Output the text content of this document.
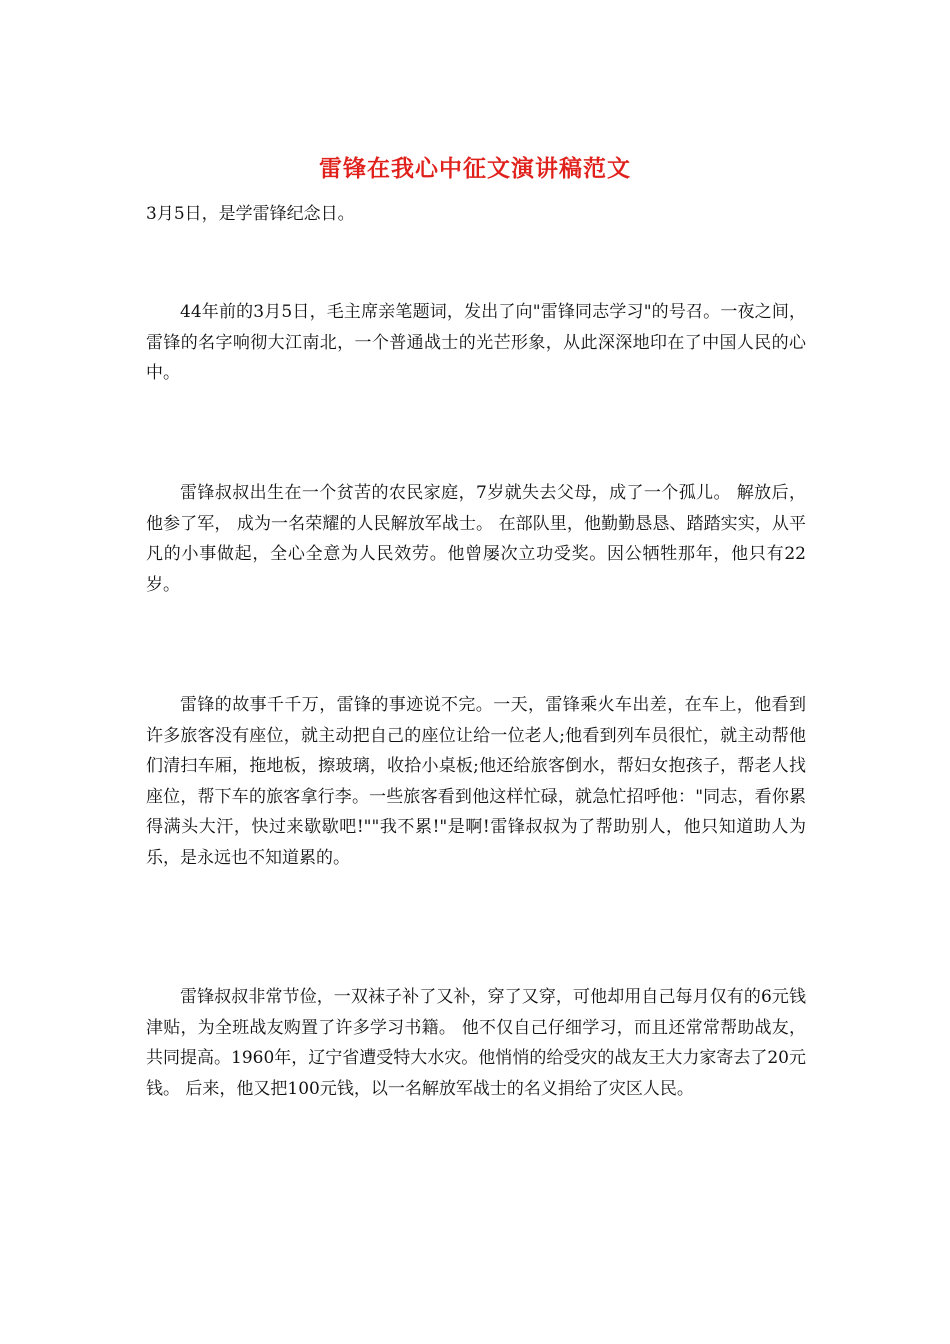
雷锋在我心中征文演讲稿范文

3月5日，是学雷锋纪念日。

44年前的3月5日，毛主席亲笔题词，发出了向"雷锋同志学习"的号召。一夜之间，雷锋的名字响彻大江南北，一个普通战士的光芒形象，从此深深地印在了中国人民的心中。

雷锋叔叔出生在一个贫苦的农民家庭，7岁就失去父母，成了一个孤儿。 解放后，他参了军， 成为一名荣耀的人民解放军战士。 在部队里，他勤勤恳恳、踏踏实实，从平凡的小事做起，全心全意为人民效劳。他曾屡次立功受奖。因公牺牲那年，他只有22岁。

雷锋的故事千千万，雷锋的事迹说不完。一天，雷锋乘火车出差，在车上，他看到许多旅客没有座位，就主动把自己的座位让给一位老人;他看到列车员很忙，就主动帮他们清扫车厢，拖地板，擦玻璃，收拾小桌板;他还给旅客倒水，帮妇女抱孩子，帮老人找座位，帮下车的旅客拿行李。一些旅客看到他这样忙碌，就急忙招呼他："同志，看你累得满头大汗，快过来歇歇吧!""我不累!"是啊!雷锋叔叔为了帮助别人，他只知道助人为乐，是永远也不知道累的。

雷锋叔叔非常节俭，一双袜子补了又补，穿了又穿，可他却用自己每月仅有的6元钱津贴，为全班战友购置了许多学习书籍。 他不仅自己仔细学习，而且还常常帮助战友，共同提高。1960年，辽宁省遭受特大水灾。他悄悄的给受灾的战友王大力家寄去了20元钱。 后来，他又把100元钱，以一名解放军战士的名义捐给了灾区人民。
